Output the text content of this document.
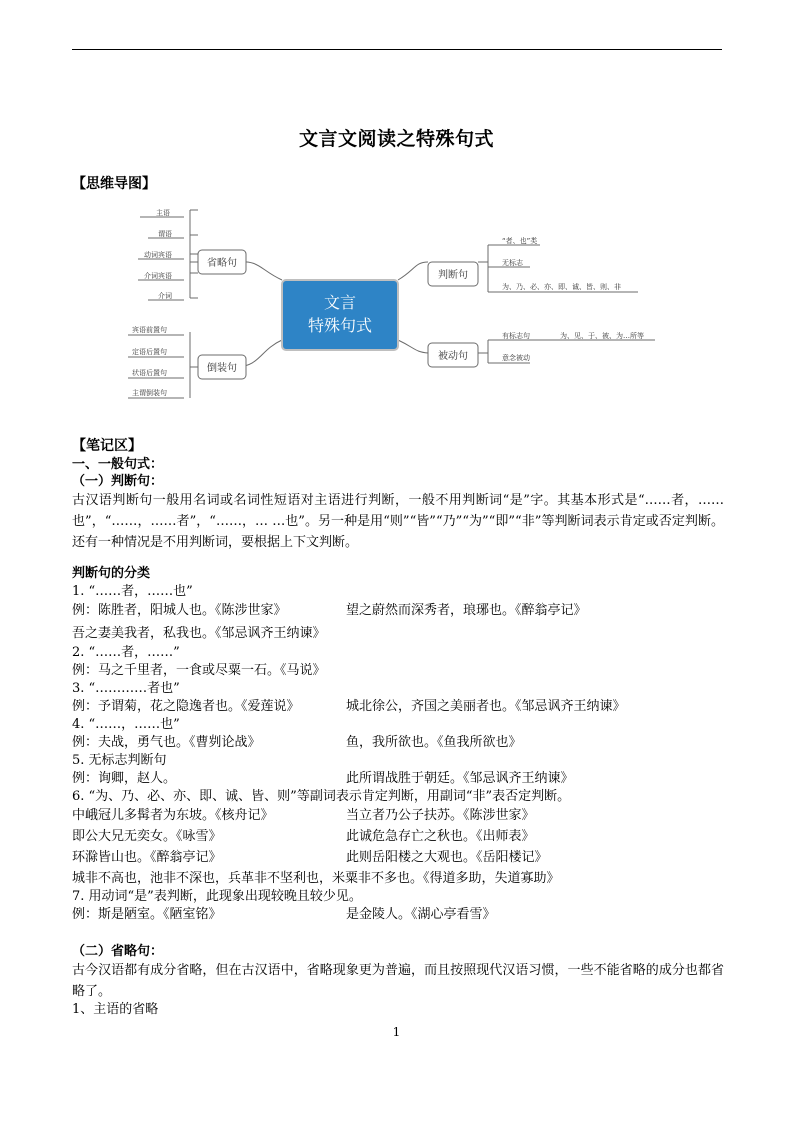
文言文阅读之特殊句式
【思维导图】
文言
特殊句式
省略句
倒装句
判断句
被动句
主语
谓语
动词宾语
介词宾语
介词
宾语前置句
定语后置句
状语后置句
主谓倒装句
“者、也”类
无标志
为、乃、必、亦、即、诚、皆、则、非
有标志句	为、见、于、被、为…所等
意念被动
【笔记区】
一、一般句式：
（一）判断句：
古汉语判断句一般用名词或名词性短语对主语进行判断，一般不用判断词“是”字。其基本形式是“……者，……也”，“……，……者”，“……，… …也”。另一种是用“则”“皆”“乃”“为”“即”“非”等判断词表示肯定或否定判断。还有一种情况是不用判断词，要根据上下文判断。
判断句的分类
1. “……者，……也”
例：陈胜者，阳城人也。《陈涉世家》	望之蔚然而深秀者，琅琊也。《醉翁亭记》
吾之妻美我者，私我也。《邹忌讽齐王纳谏》
2. “……者，……”
例：马之千里者，一食或尽粟一石。《马说》
3. “…………者也”
例：予谓菊，花之隐逸者也。《爱莲说》	城北徐公，齐国之美丽者也。《邹忌讽齐王纳谏》
4. “……，……也”
例：夫战，勇气也。《曹刿论战》	鱼，我所欲也。《鱼我所欲也》
5. 无标志判断句
例：询卿，赵人。	此所谓战胜于朝廷。《邹忌讽齐王纳谏》
6. “为、乃、必、亦、即、诚、皆、则”等副词表示肯定判断，用副词“非”表否定判断。
中峨冠儿多髯者为东坡。《核舟记》	当立者乃公子扶苏。《陈涉世家》
即公大兄无奕女。《咏雪》	此诚危急存亡之秋也。《出师表》
环滁皆山也。《醉翁亭记》	此则岳阳楼之大观也。《岳阳楼记》
城非不高也，池非不深也，兵革非不坚利也，米粟非不多也。《得道多助，失道寡助》
7. 用动词“是”表判断，此现象出现较晚且较少见。
例：斯是陋室。《陋室铭》	是金陵人。《湖心亭看雪》
（二）省略句：
古今汉语都有成分省略，但在古汉语中，省略现象更为普遍，而且按照现代汉语习惯，一些不能省略的成分也都省略了。
1、主语的省略
1
